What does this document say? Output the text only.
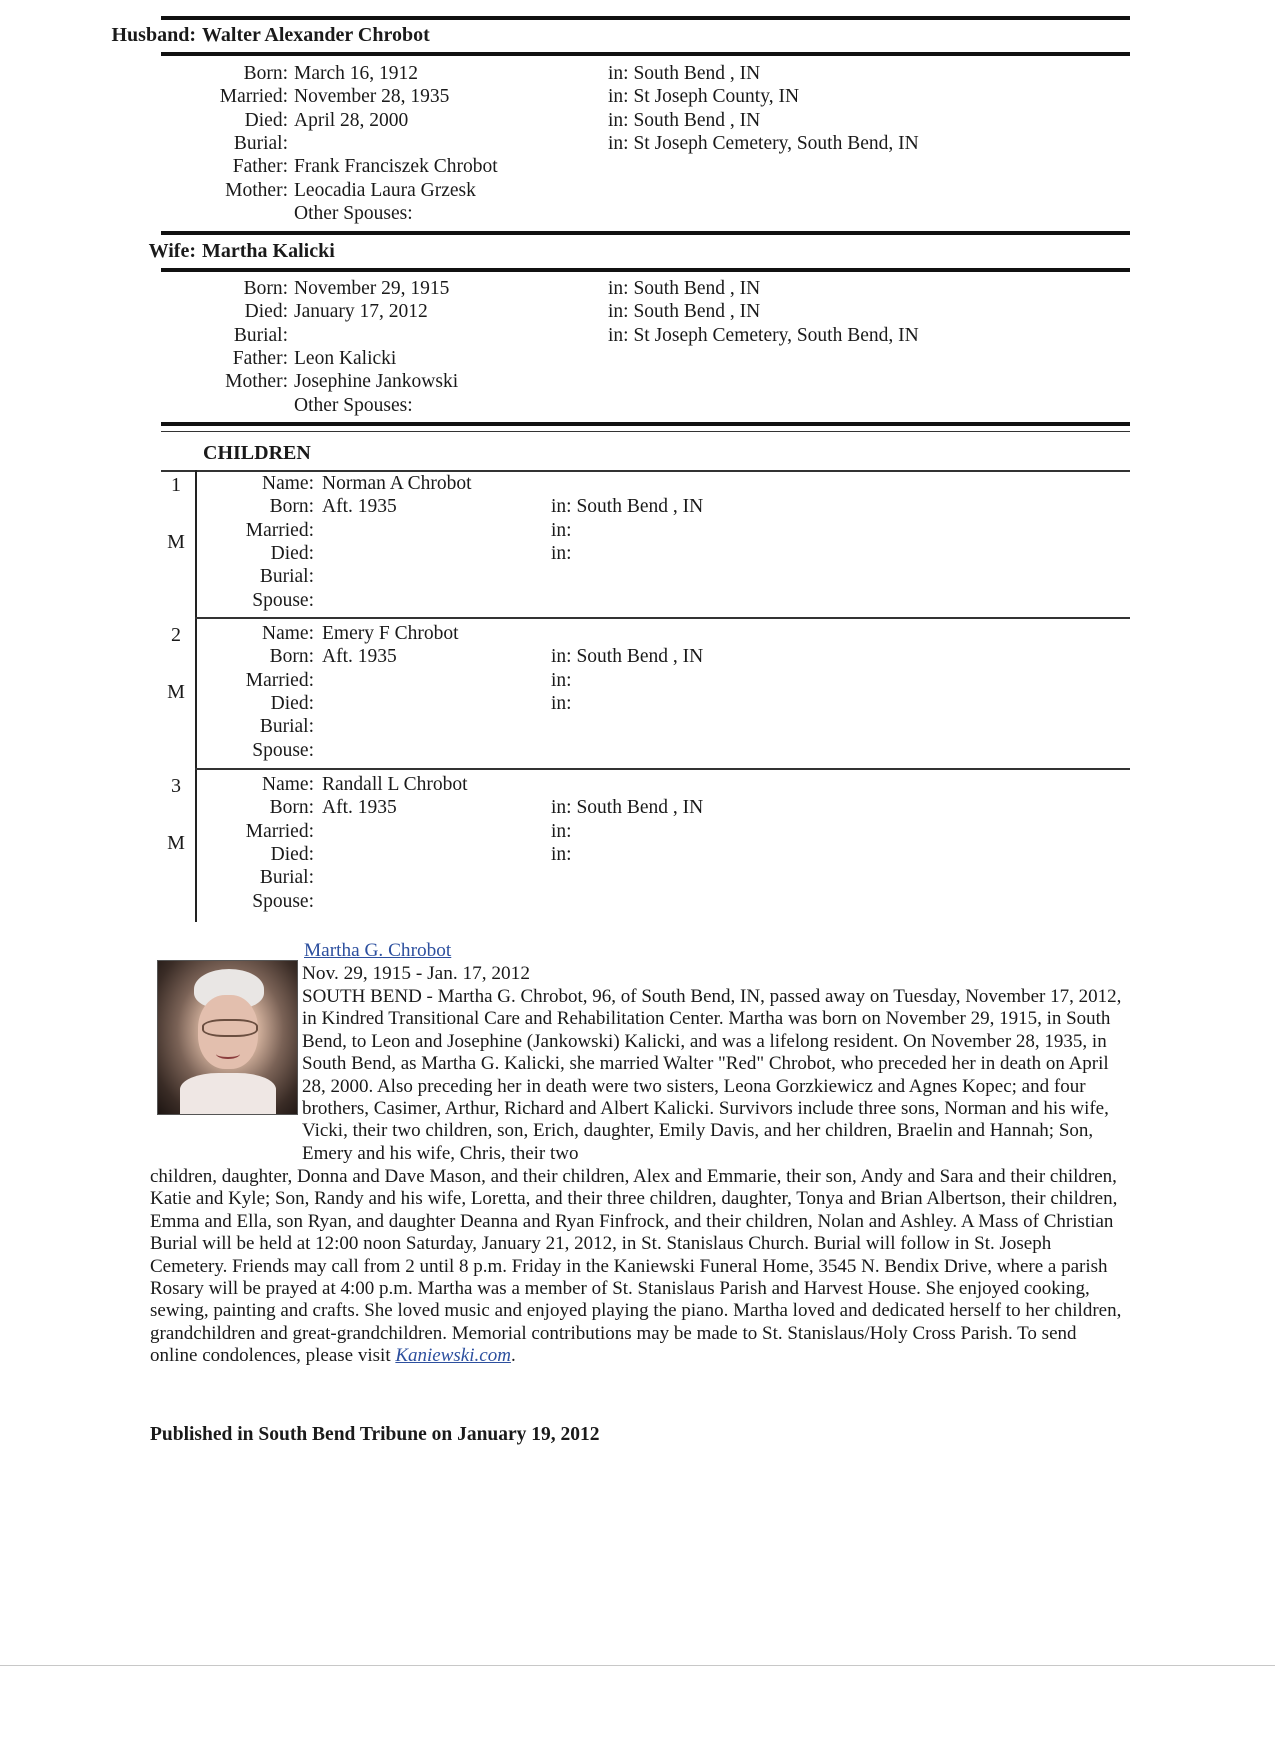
Husband: Walter Alexander Chrobot
Born: March 16, 1912	in: South Bend , IN
Married: November 28, 1935	in: St Joseph County, IN
Died: April 28, 2000	in: South Bend , IN
Burial:	in: St Joseph Cemetery, South Bend, IN
Father: Frank Franciszek Chrobot
Mother: Leocadia Laura Grzesk
Other Spouses:
Wife: Martha Kalicki
Born: November 29, 1915	in: South Bend , IN
Died: January 17, 2012	in: South Bend , IN
Burial:	in: St Joseph Cemetery, South Bend, IN
Father: Leon Kalicki
Mother: Josephine Jankowski
Other Spouses:
CHILDREN
1
M
Name: Norman A Chrobot
Born: Aft. 1935	in: South Bend , IN
Married:	in:
Died:	in:
Burial:
Spouse:
2
M
Name: Emery F Chrobot
Born: Aft. 1935	in: South Bend , IN
Married:	in:
Died:	in:
Burial:
Spouse:
3
M
Name: Randall L Chrobot
Born: Aft. 1935	in: South Bend , IN
Married:	in:
Died:	in:
Burial:
Spouse:
Martha G. Chrobot
Nov. 29, 1915 - Jan. 17, 2012
SOUTH BEND - Martha G. Chrobot, 96, of South Bend, IN, passed away on Tuesday, November 17, 2012, in Kindred Transitional Care and Rehabilitation Center. Martha was born on November 29, 1915, in South Bend, to Leon and Josephine (Jankowski) Kalicki, and was a lifelong resident. On November 28, 1935, in South Bend, as Martha G. Kalicki, she married Walter "Red" Chrobot, who preceded her in death on April 28, 2000. Also preceding her in death were two sisters, Leona Gorzkiewicz and Agnes Kopec; and four brothers, Casimer, Arthur, Richard and Albert Kalicki. Survivors include three sons, Norman and his wife, Vicki, their two children, son, Erich, daughter, Emily Davis, and her children, Braelin and Hannah; Son, Emery and his wife, Chris, their two
children, daughter, Donna and Dave Mason, and their children, Alex and Emmarie, their son, Andy and Sara and their children, Katie and Kyle; Son, Randy and his wife, Loretta, and their three children, daughter, Tonya and Brian Albertson, their children, Emma and Ella, son Ryan, and daughter Deanna and Ryan Finfrock, and their children, Nolan and Ashley. A Mass of Christian Burial will be held at 12:00 noon Saturday, January 21, 2012, in St. Stanislaus Church. Burial will follow in St. Joseph Cemetery. Friends may call from 2 until 8 p.m. Friday in the Kaniewski Funeral Home, 3545 N. Bendix Drive, where a parish Rosary will be prayed at 4:00 p.m. Martha was a member of St. Stanislaus Parish and Harvest House. She enjoyed cooking, sewing, painting and crafts. She loved music and enjoyed playing the piano. Martha loved and dedicated herself to her children, grandchildren and great-grandchildren. Memorial contributions may be made to St. Stanislaus/Holy Cross Parish. To send online condolences, please visit Kaniewski.com.
Published in South Bend Tribune on January 19, 2012
